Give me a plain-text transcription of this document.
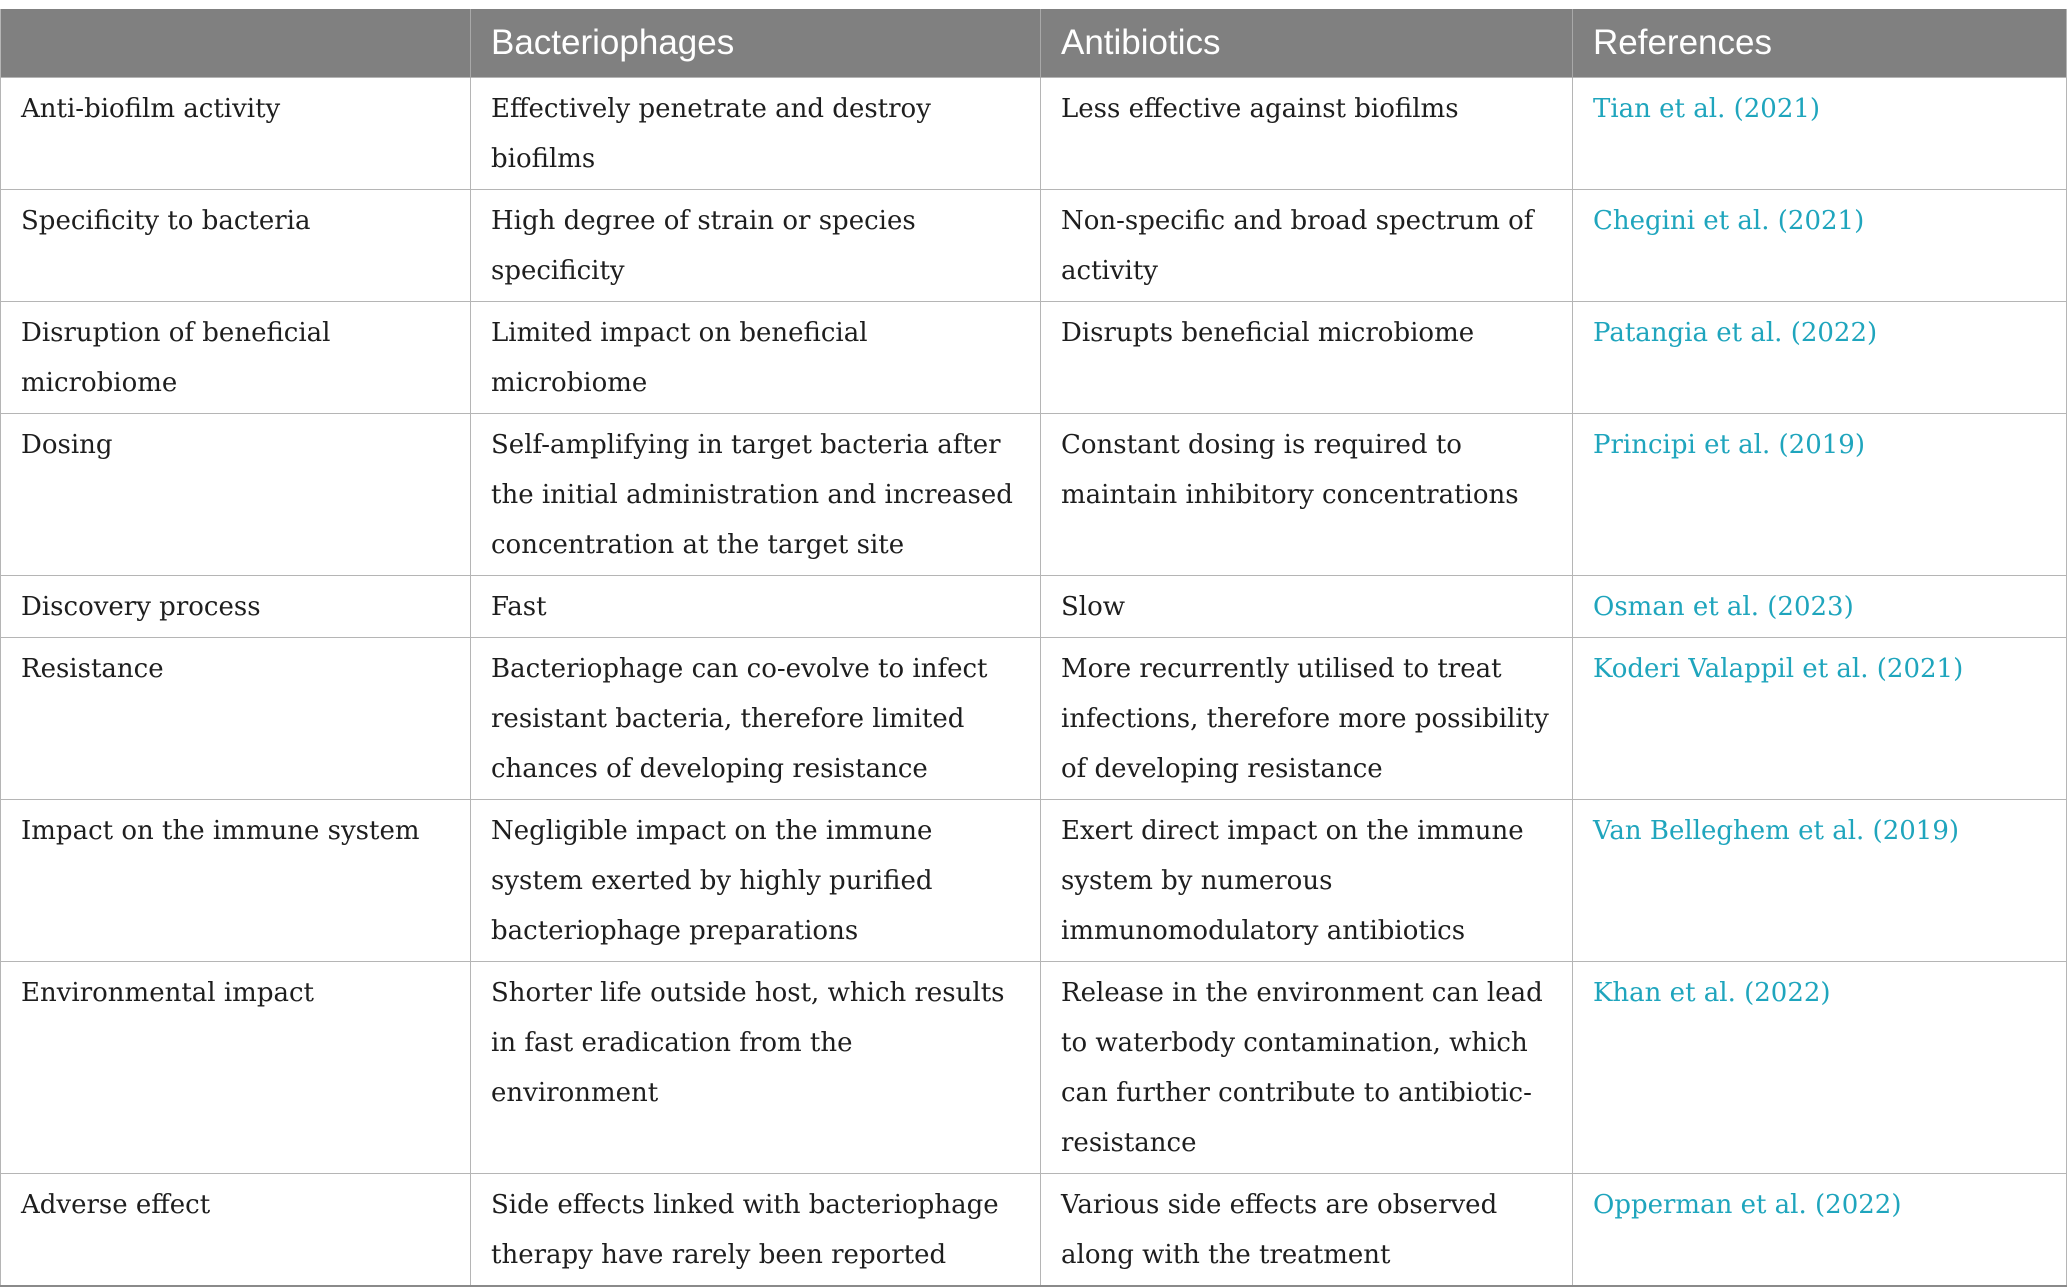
	Bacteriophages	Antibiotics	References
Anti-biofilm activity	Effectively penetrate and destroy biofilms	Less effective against biofilms	Tian et al. (2021)
Specificity to bacteria	High degree of strain or species specificity	Non-specific and broad spectrum of activity	Chegini et al. (2021)
Disruption of beneficial microbiome	Limited impact on beneficial microbiome	Disrupts beneficial microbiome	Patangia et al. (2022)
Dosing	Self-amplifying in target bacteria after the initial administration and increased concentration at the target site	Constant dosing is required to maintain inhibitory concentrations	Principi et al. (2019)
Discovery process	Fast	Slow	Osman et al. (2023)
Resistance	Bacteriophage can co-evolve to infect resistant bacteria, therefore limited chances of developing resistance	More recurrently utilised to treat infections, therefore more possibility of developing resistance	Koderi Valappil et al. (2021)
Impact on the immune system	Negligible impact on the immune system exerted by highly purified bacteriophage preparations	Exert direct impact on the immune system by numerous immunomodulatory antibiotics	Van Belleghem et al. (2019)
Environmental impact	Shorter life outside host, which results in fast eradication from the environment	Release in the environment can lead to waterbody contamination, which can further contribute to antibiotic-resistance	Khan et al. (2022)
Adverse effect	Side effects linked with bacteriophage therapy have rarely been reported	Various side effects are observed along with the treatment	Opperman et al. (2022)
